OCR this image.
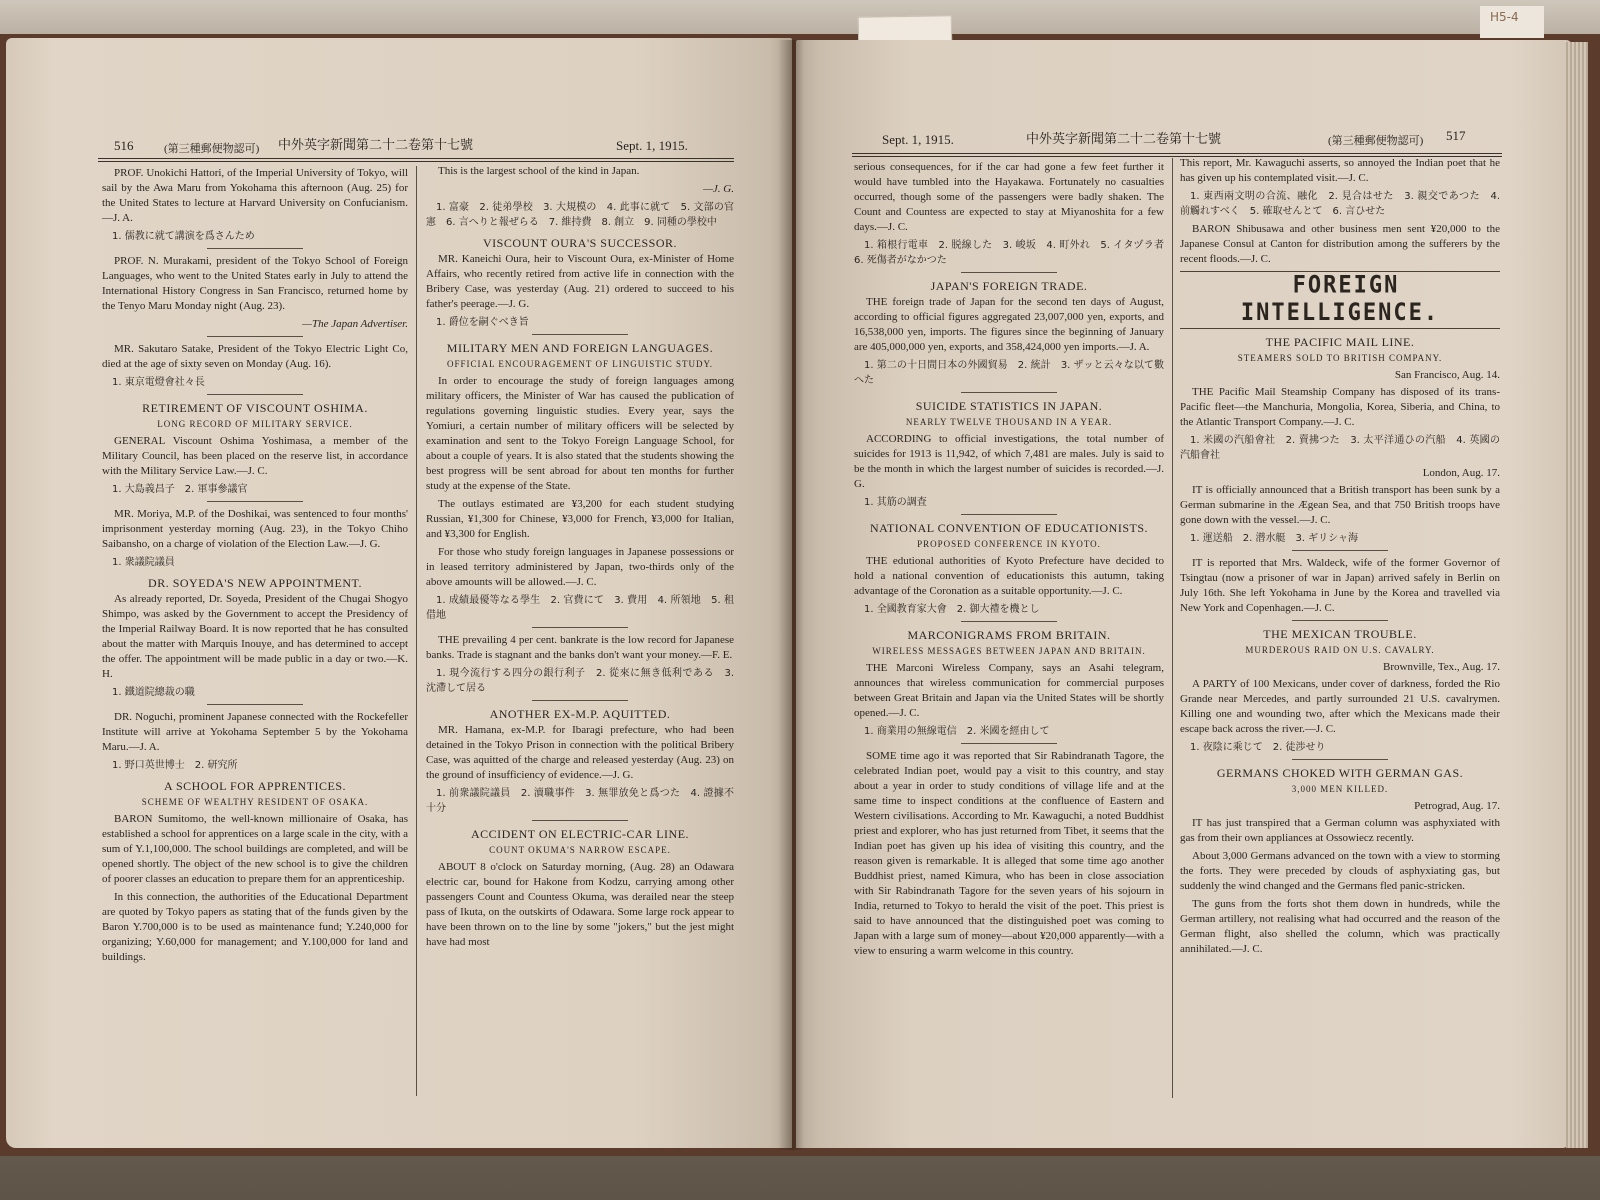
H5-4
516	(第三種郵便物認可) 中外英字新聞第二十二卷第十七號	Sept. 1, 1915.

PROF. Unokichi Hattori, of the Imperial University of Tokyo, will sail by the Awa Maru from Yokohama this afternoon (Aug. 25) for the United States to lecture at Harvard University on Confucianism.—J. A.

1. 儒教に就て講演を爲さんため

PROF. N. Murakami, president of the Tokyo School of Foreign Languages, who went to the United States early in July to attend the International History Congress in San Francisco, returned home by the Tenyo Maru Monday night (Aug. 23).

—The Japan Advertiser.

MR. Sakutaro Satake, President of the Tokyo Electric Light Co, died at the age of sixty seven on Monday (Aug. 16).

1. 東京電燈會社々長

RETIREMENT OF VISCOUNT OSHIMA.

LONG RECORD OF MILITARY SERVICE.

GENERAL Viscount Oshima Yoshimasa, a member of the Military Council, has been placed on the reserve list, in accordance with the Military Service Law.—J. C.

1. 大島義昌子　2. 軍事參議官

MR. Moriya, M.P. of the Doshikai, was sentenced to four months' imprisonment yesterday morning (Aug. 23), in the Tokyo Chiho Saibansho, on a charge of violation of the Election Law.—J. G.

1. 衆議院議員

DR. SOYEDA'S NEW APPOINTMENT.

As already reported, Dr. Soyeda, President of the Chugai Shogyo Shimpo, was asked by the Government to accept the Presidency of the Imperial Railway Board. It is now reported that he has consulted about the matter with Marquis Inouye, and has determined to accept the offer. The appointment will be made public in a day or two.—K. H.

1. 鐵道院總裁の職

DR. Noguchi, prominent Japanese connected with the Rockefeller Institute will arrive at Yokohama September 5 by the Yokohama Maru.—J. A.

1. 野口英世博士　2. 研究所

A SCHOOL FOR APPRENTICES.

SCHEME OF WEALTHY RESIDENT OF OSAKA.

BARON Sumitomo, the well-known millionaire of Osaka, has established a school for apprentices on a large scale in the city, with a sum of Y.1,100,000. The school buildings are completed, and will be opened shortly. The object of the new school is to give the children of poorer classes an education to prepare them for an apprenticeship.

In this connection, the authorities of the Educational Department are quoted by Tokyo papers as stating that of the funds given by the Baron Y.700,000 is to be used as maintenance fund; Y.240,000 for organizing; Y.60,000 for management; and Y.100,000 for land and buildings.

This is the largest school of the kind in Japan.

—J. G.

1. 富豪　2. 徒弟學校　3. 大規模の　4. 此事に就て　5. 文部の官憲　6. 言へりと報ぜらる　7. 維持費　8. 創立　9. 同種の學校中

VISCOUNT OURA'S SUCCESSOR.

MR. Kaneichi Oura, heir to Viscount Oura, ex-Minister of Home Affairs, who recently retired from active life in connection with the Bribery Case, was yesterday (Aug. 21) ordered to succeed to his father's peerage.—J. G.

1. 爵位を嗣ぐべき旨

MILITARY MEN AND FOREIGN LANGUAGES.

OFFICIAL ENCOURAGEMENT OF LINGUISTIC STUDY.

In order to encourage the study of foreign languages among military officers, the Minister of War has caused the publication of regulations governing linguistic studies. Every year, says the Yomiuri, a certain number of military officers will be selected by examination and sent to the Tokyo Foreign Language School, for about a couple of years. It is also stated that the students showing the best progress will be sent abroad for about ten months for further study at the expense of the State.

The outlays estimated are ¥3,200 for each student studying Russian, ¥1,300 for Chinese, ¥3,000 for French, ¥3,000 for Italian, and ¥3,300 for English.

For those who study foreign languages in Japanese possessions or in leased territory administered by Japan, two-thirds only of the above amounts will be allowed.—J. C.

1. 成績最優等なる學生　2. 官費にて　3. 費用　4. 所領地　5. 租借地

THE prevailing 4 per cent. bankrate is the low record for Japanese banks. Trade is stagnant and the banks don't want your money.—F. E.

1. 現今流行する四分の銀行利子　2. 從來に無き低利である　3. 沈滯して居る

ANOTHER EX-M.P. AQUITTED.

MR. Hamana, ex-M.P. for Ibaragi prefecture, who had been detained in the Tokyo Prison in connection with the political Bribery Case, was aquitted of the charge and released yesterday (Aug. 23) on the ground of insufficiency of evidence.—J. G.

1. 前衆議院議員　2. 瀆職事件　3. 無罪放免と爲つた　4. 證據不十分

ACCIDENT ON ELECTRIC-CAR LINE.

COUNT OKUMA'S NARROW ESCAPE.

ABOUT 8 o'clock on Saturday morning, (Aug. 28) an Odawara electric car, bound for Hakone from Kodzu, carrying among other passengers Count and Countess Okuma, was derailed near the steep pass of Ikuta, on the outskirts of Odawara. Some large rock appear to have been thrown on to the line by some "jokers," but the jest might have had most

Sept. 1, 1915.	中外英字新聞第二十二卷第十七號	(第三種郵便物認可) 517

serious consequences, for if the car had gone a few feet further it would have tumbled into the Hayakawa. Fortunately no casualties occurred, though some of the passengers were badly shaken. The Count and Countess are expected to stay at Miyanoshita for a few days.—J. C.

1. 箱根行電車　2. 脱線した　3. 峻坂　4. 町外れ　5. イタヅラ者　6. 死傷者がなかつた

JAPAN'S FOREIGN TRADE.

THE foreign trade of Japan for the second ten days of August, according to official figures aggregated 23,007,000 yen, exports, and 16,538,000 yen, imports. The figures since the beginning of January are 405,000,000 yen, exports, and 358,424,000 yen imports.—J. A.

1. 第二の十日間日本の外國貿易　2. 統計　3. ザッと云々な以て數へた

SUICIDE STATISTICS IN JAPAN.

NEARLY TWELVE THOUSAND IN A YEAR.

ACCORDING to official investigations, the total number of suicides for 1913 is 11,942, of which 7,481 are males. July is said to be the month in which the largest number of suicides is recorded.—J. G.

1. 其筋の調査

NATIONAL CONVENTION OF EDUCATIONISTS.

PROPOSED CONFERENCE IN KYOTO.

THE edutional authorities of Kyoto Prefecture have decided to hold a national convention of educationists this autumn, taking advantage of the Coronation as a suitable opportunity.—J. C.

1. 全國教育家大會　2. 御大禮を機とし

MARCONIGRAMS FROM BRITAIN.

WIRELESS MESSAGES BETWEEN JAPAN AND BRITAIN.

THE Marconi Wireless Company, says an Asahi telegram, announces that wireless communication for commercial purposes between Great Britain and Japan via the United States will be shortly opened.—J. C.

1. 商業用の無線電信　2. 米國を經由して

SOME time ago it was reported that Sir Rabindranath Tagore, the celebrated Indian poet, would pay a visit to this country, and stay about a year in order to study conditions of village life and at the same time to inspect conditions at the confluence of Eastern and Western civilisations. According to Mr. Kawaguchi, a noted Buddhist priest and explorer, who has just returned from Tibet, it seems that the Indian poet has given up his idea of visiting this country, and the reason given is remarkable. It is alleged that some time ago another Buddhist priest, named Kimura, who has been in close association with Sir Rabindranath Tagore for the seven years of his sojourn in India, returned to Tokyo to herald the visit of the poet. This priest is said to have announced that the distinguished poet was coming to Japan with a large sum of money—about ¥20,000 apparently—with a view to ensuring a warm welcome in this country.

This report, Mr. Kawaguchi asserts, so annoyed the Indian poet that he has given up his contemplated visit.—J. C.

1. 東西兩文明の合流、融化　2. 見合はせた　3. 親交であつた　4. 前觸れすべく　5. 確取せんとて　6. 言ひせた

BARON Shibusawa and other business men sent ¥20,000 to the Japanese Consul at Canton for distribution among the sufferers by the recent floods.—J. C.

FOREIGN INTELLIGENCE.

THE PACIFIC MAIL LINE.

STEAMERS SOLD TO BRITISH COMPANY.

San Francisco, Aug. 14.

THE Pacific Mail Steamship Company has disposed of its trans-Pacific fleet—the Manchuria, Mongolia, Korea, Siberia, and China, to the Atlantic Transport Company.—J. C.

1. 米國の汽船會社　2. 賣拂つた　3. 太平洋通ひの汽船　4. 英國の汽船會社

London, Aug. 17.

IT is officially announced that a British transport has been sunk by a German submarine in the Ægean Sea, and that 750 British troops have gone down with the vessel.—J. C.

1. 運送船　2. 潜水艇　3. ギリシャ海

IT is reported that Mrs. Waldeck, wife of the former Governor of Tsingtau (now a prisoner of war in Japan) arrived safely in Berlin on July 16th. She left Yokohama in June by the Korea and travelled via New York and Copenhagen.—J. C.

THE MEXICAN TROUBLE.

MURDEROUS RAID ON U.S. CAVALRY.

Brownville, Tex., Aug. 17.

A PARTY of 100 Mexicans, under cover of darkness, forded the Rio Grande near Mercedes, and partly surrounded 21 U.S. cavalrymen. Killing one and wounding two, after which the Mexicans made their escape back across the river.—J. C.

1. 夜陰に乘じて　2. 徒渉せり

GERMANS CHOKED WITH GERMAN GAS.

3,000 MEN KILLED.

Petrograd, Aug. 17.

IT has just transpired that a German column was asphyxiated with gas from their own appliances at Ossowiecz recently.

About 3,000 Germans advanced on the town with a view to storming the forts. They were preceded by clouds of asphyxiating gas, but suddenly the wind changed and the Germans fled panic-stricken.

The guns from the forts shot them down in hundreds, while the German artillery, not realising what had occurred and the reason of the German flight, also shelled the column, which was practically annihilated.—J. C.
